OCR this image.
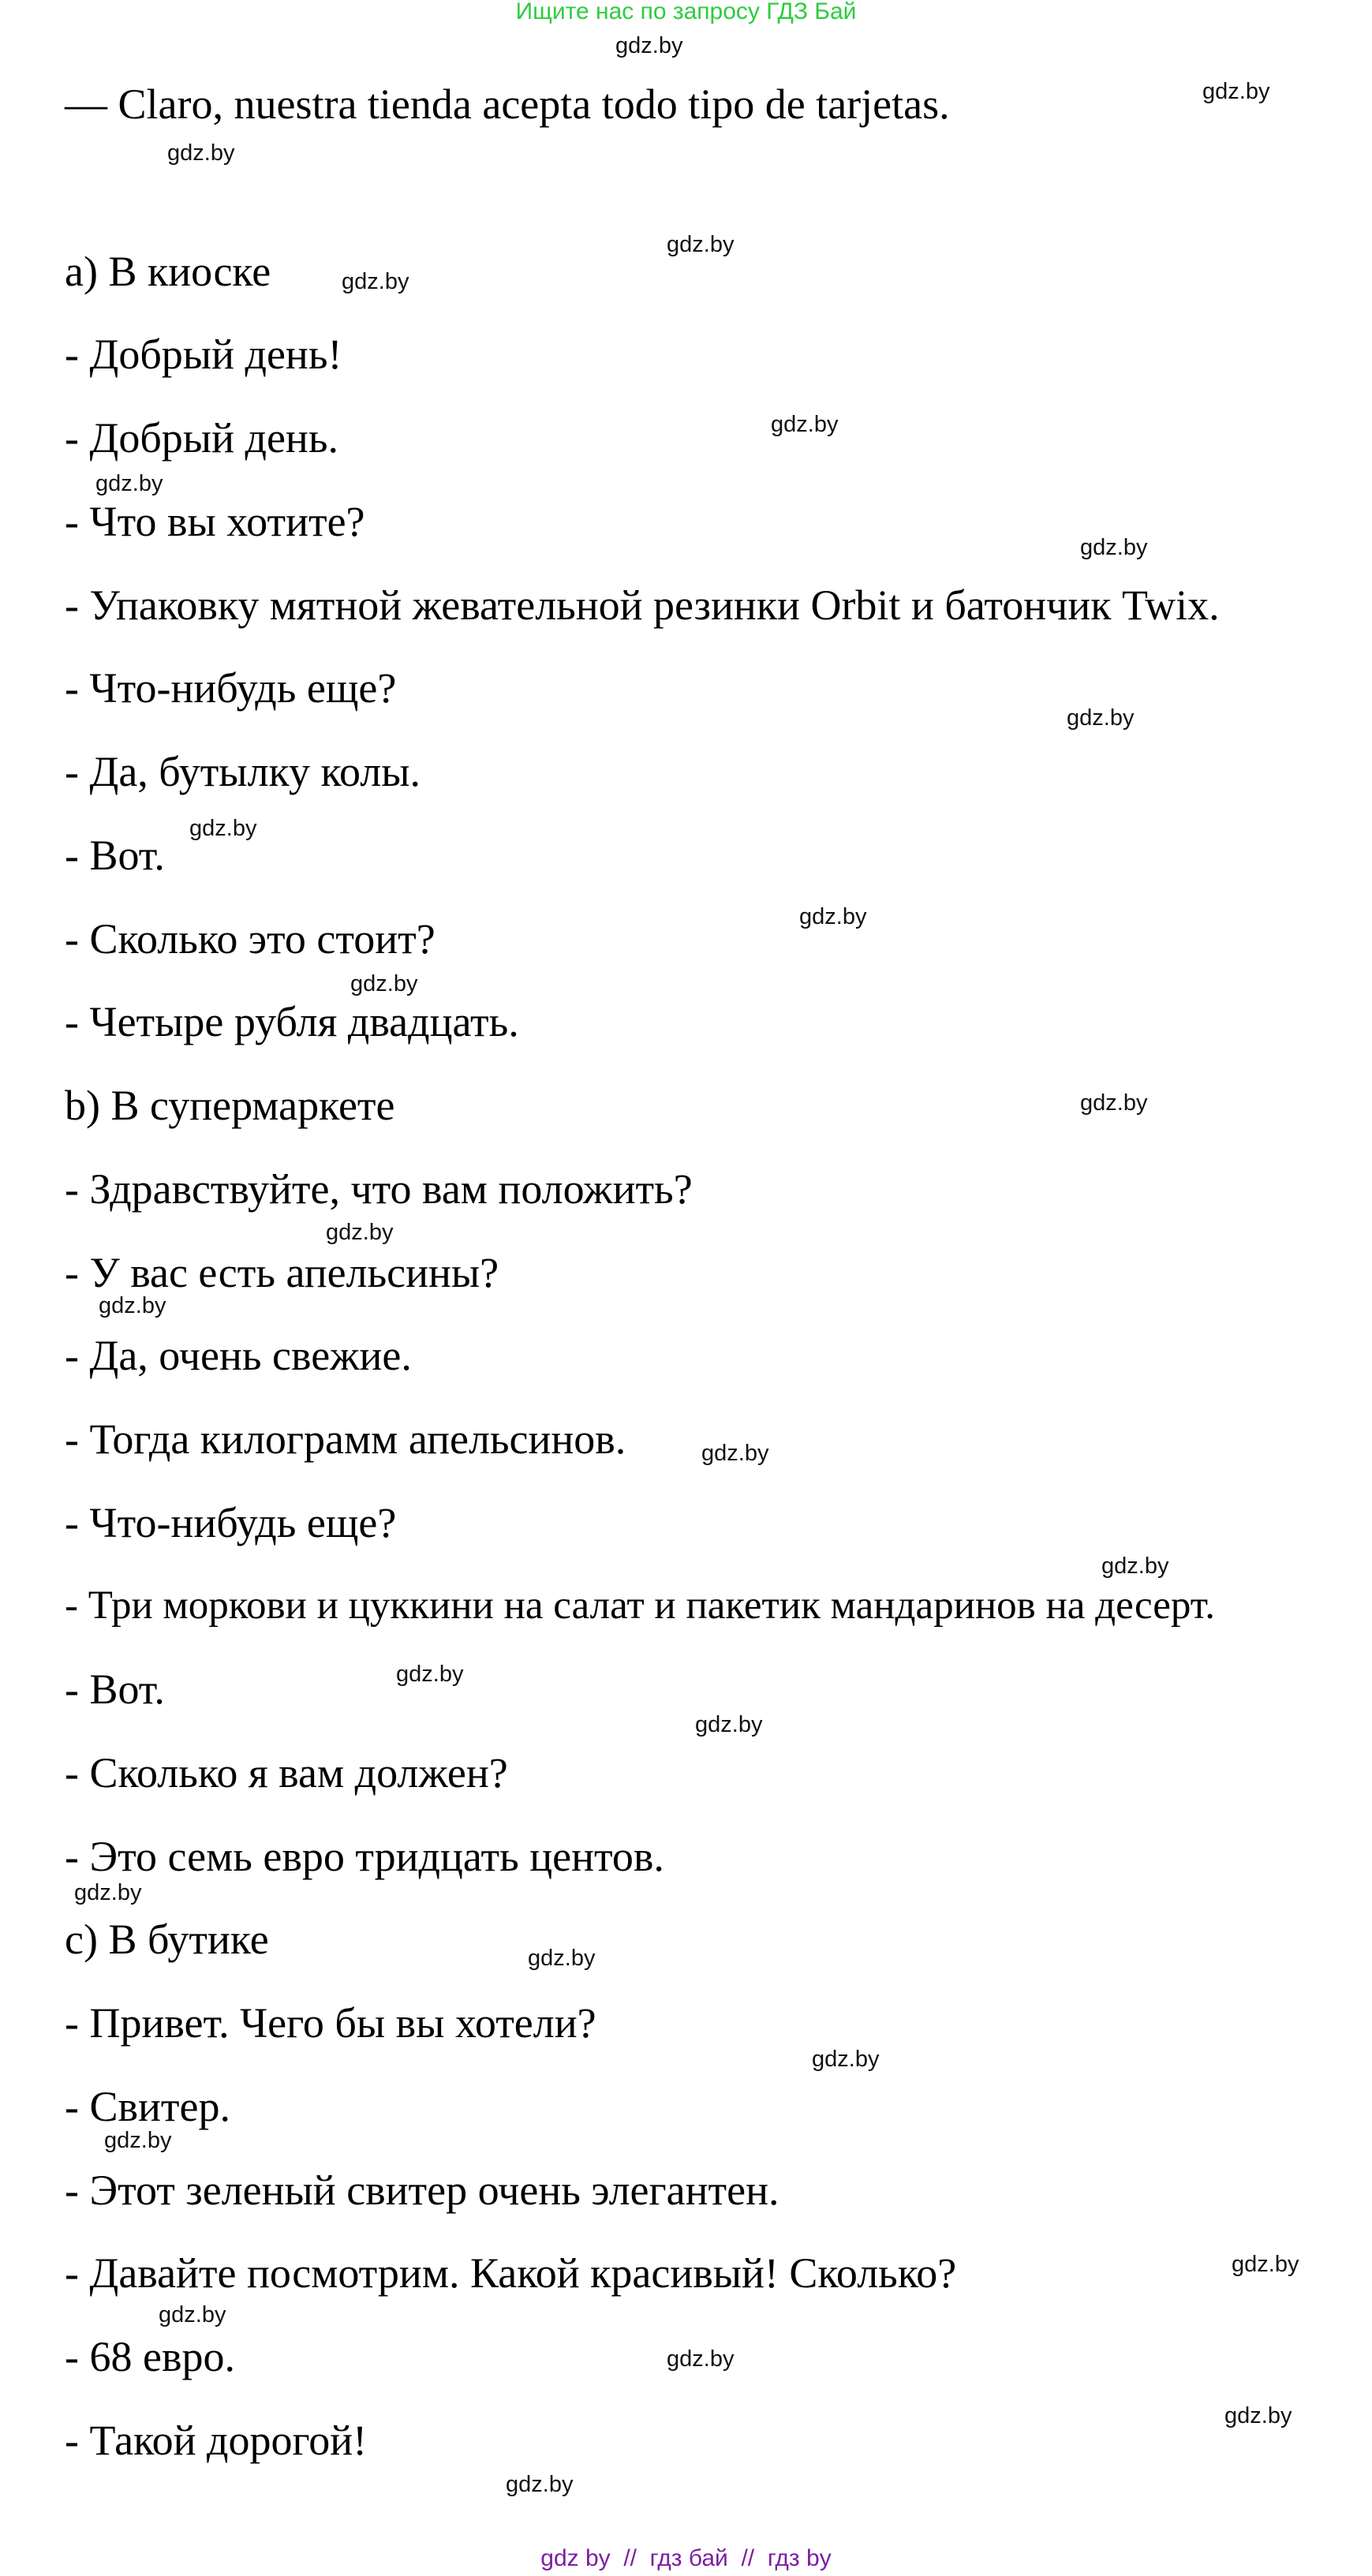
Ищите нас по запросу ГДЗ Бай
— Claro, nuestra tienda acepta todo tipo de tarjetas.
a) В киоске
- Добрый день!
- Добрый день.
- Что вы хотите?
- Упаковку мятной жевательной резинки Orbit и батончик Twix.
- Что-нибудь еще?
- Да, бутылку колы.
- Вот.
- Сколько это стоит?
- Четыре рубля двадцать.
b) В супермаркете
- Здравствуйте, что вам положить?
- У вас есть апельсины?
- Да, очень свежие.
- Тогда килограмм апельсинов.
- Что-нибудь еще?
- Три моркови и цуккини на салат и пакетик мандаринов на десерт.
- Вот.
- Сколько я вам должен?
- Это семь евро тридцать центов.
c) В бутике
- Привет. Чего бы вы хотели?
- Свитер.
- Этот зеленый свитер очень элегантен.
- Давайте посмотрим. Какой красивый! Сколько?
- 68 евро.
- Такой дорогой!
gdz.by
gdz.by
gdz.by
gdz.by
gdz.by
gdz.by
gdz.by
gdz.by
gdz.by
gdz.by
gdz.by
gdz.by
gdz.by
gdz.by
gdz.by
gdz.by
gdz.by
gdz.by
gdz.by
gdz.by
gdz.by
gdz.by
gdz.by
gdz.by
gdz.by
gdz.by
gdz.by
gdz.by
gdz by  //  гдз бай  //  гдз by
